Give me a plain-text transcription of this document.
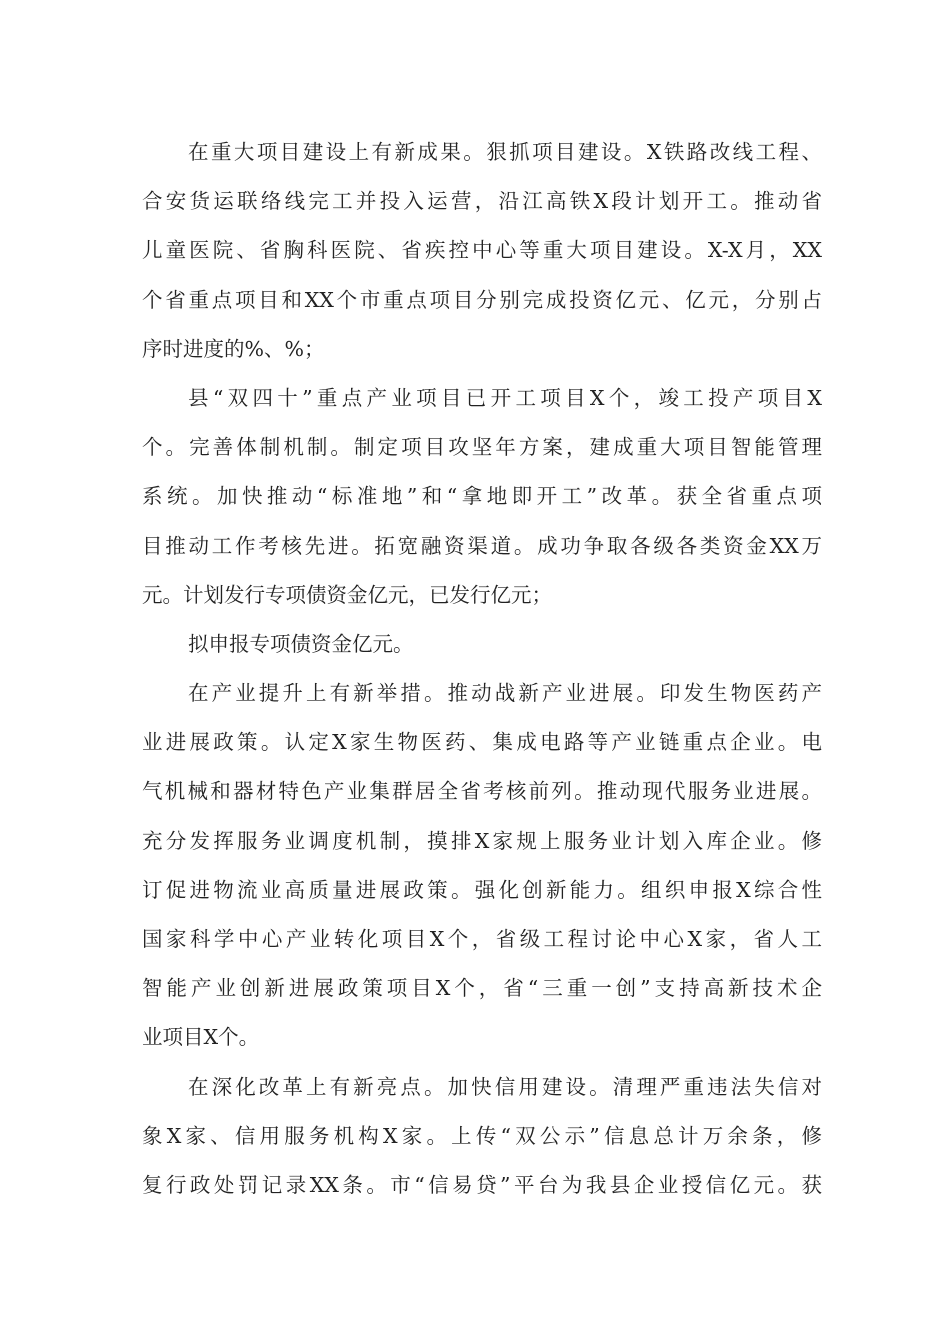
在重大项目建设上有新成果。狠抓项目建设。X铁路改线工程、
合安货运联络线完工并投入运营，沿江高铁X段计划开工。推动省
儿童医院、省胸科医院、省疾控中心等重大项目建设。X-X月，XX
个省重点项目和XX个市重点项目分别完成投资亿元、亿元，分别占
序时进度的%、%；
县“双四十”重点产业项目已开工项目X个，竣工投产项目X
个。完善体制机制。制定项目攻坚年方案，建成重大项目智能管理
系统。加快推动“标准地”和“拿地即开工”改革。获全省重点项
目推动工作考核先进。拓宽融资渠道。成功争取各级各类资金XX万
元。计划发行专项债资金亿元，已发行亿元；
拟申报专项债资金亿元。
在产业提升上有新举措。推动战新产业进展。印发生物医药产
业进展政策。认定X家生物医药、集成电路等产业链重点企业。电
气机械和器材特色产业集群居全省考核前列。推动现代服务业进展。
充分发挥服务业调度机制，摸排X家规上服务业计划入库企业。修
订促进物流业高质量进展政策。强化创新能力。组织申报X综合性
国家科学中心产业转化项目X个，省级工程讨论中心X家，省人工
智能产业创新进展政策项目X个，省“三重一创”支持高新技术企
业项目X个。
在深化改革上有新亮点。加快信用建设。清理严重违法失信对
象X家、信用服务机构X家。上传“双公示”信息总计万余条，修
复行政处罚记录XX条。市“信易贷”平台为我县企业授信亿元。获
